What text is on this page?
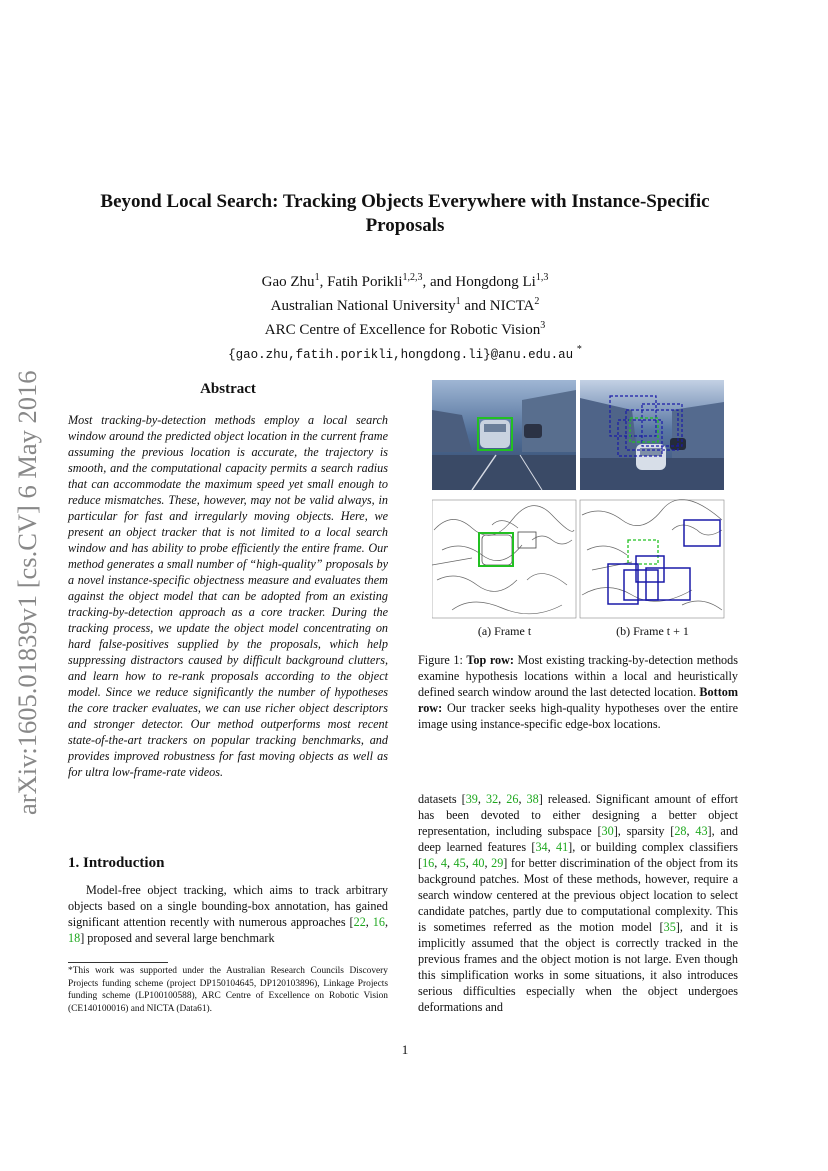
arXiv:1605.01839v1 [cs.CV] 6 May 2016
Beyond Local Search: Tracking Objects Everywhere with Instance-Specific
Proposals
Gao Zhu$^1$, Fatih Porikli$^{1,2,3}$, and Hongdong Li$^{1,3}$
Australian National University$^1$ and NICTA$^2$
ARC Centre of Excellence for Robotic Vision$^3$
{gao.zhu,fatih.porikli,hongdong.li}@anu.edu.au *
Abstract
Most tracking-by-detection methods employ a local search window around the predicted object location in the current frame assuming the previous location is accurate, the trajectory is smooth, and the computational capacity permits a search radius that can accommodate the maximum speed yet small enough to reduce mismatches. These, however, may not be valid always, in particular for fast and irregularly moving objects. Here, we present an object tracker that is not limited to a local search window and has ability to probe efficiently the entire frame. Our method generates a small number of “high-quality” proposals by a novel instance-specific objectness measure and evaluates them against the object model that can be adopted from an existing tracking-by-detection approach as a core tracker. During the tracking process, we update the object model concentrating on hard false-positives supplied by the proposals, which help suppressing distractors caused by difficult background clutters, and learn how to re-rank proposals according to the object model. Since we reduce significantly the number of hypotheses the core tracker evaluates, we can use richer object descriptors and stronger detector. Our method outperforms most recent state-of-the-art trackers on popular tracking benchmarks, and provides improved robustness for fast moving objects as well as for ultra low-frame-rate videos.
1. Introduction
Model-free object tracking, which aims to track arbitrary objects based on a single bounding-box annotation, has gained significant attention recently with numerous approaches [22, 16, 18] proposed and several large benchmark
*This work was supported under the Australian Research Councils Discovery Projects funding scheme (project DP150104645, DP120103896), Linkage Projects funding scheme (LP100100588), ARC Centre of Excellence on Robotic Vision (CE140100016) and NICTA (Data61).
(a) Frame t	(b) Frame t + 1
Figure 1: Top row: Most existing tracking-by-detection methods examine hypothesis locations within a local and heuristically defined search window around the last detected location. Bottom row: Our tracker seeks high-quality hypotheses over the entire image using instance-specific edge-box locations.
datasets [39, 32, 26, 38] released. Significant amount of effort has been devoted to either designing a better object representation, including subspace [30], sparsity [28, 43], and deep learned features [34, 41], or building complex classifiers [16, 4, 45, 40, 29] for better discrimination of the object from its background patches. Most of these methods, however, require a search window centered at the previous object location to select candidate patches, partly due to computational complexity. This is sometimes referred as the motion model [35], and it is implicitly assumed that the object is correctly tracked in the previous frames and the object motion is not large. Even though this simplification works in some situations, it also introduces serious difficulties especially when the object undergoes deformations and
1
